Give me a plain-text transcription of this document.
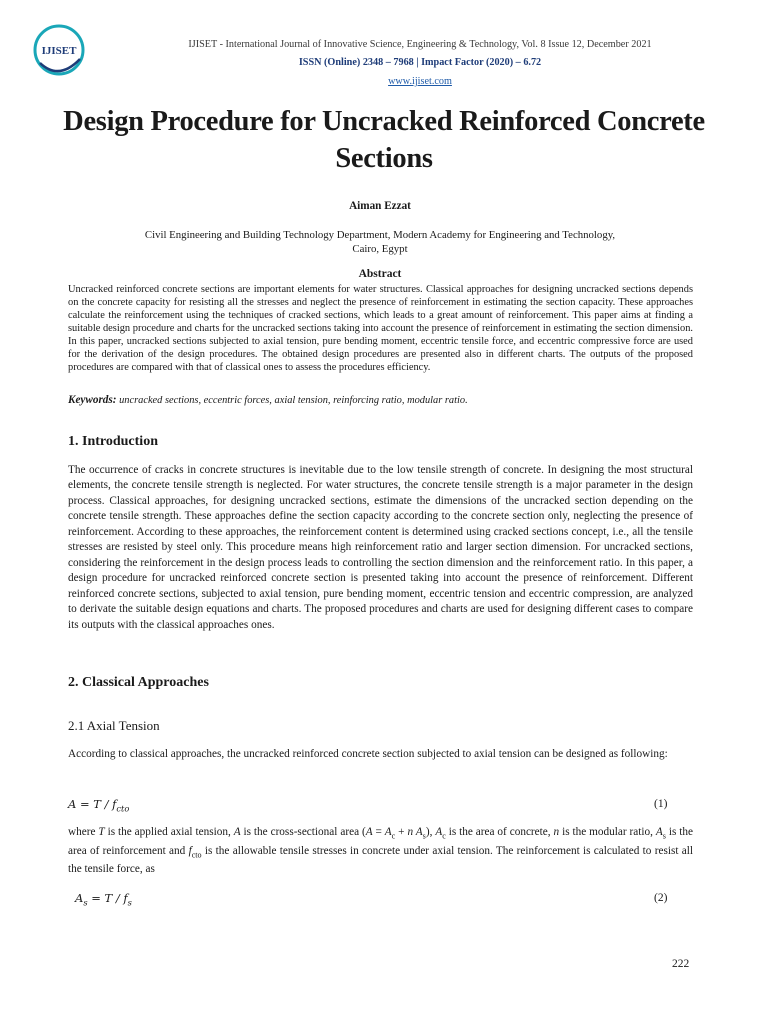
IJISET
IJISET - International Journal of Innovative Science, Engineering & Technology, Vol. 8 Issue 12, December 2021
ISSN (Online) 2348 – 7968 | Impact Factor (2020) – 6.72
www.ijiset.com
Design Procedure for Uncracked Reinforced Concrete Sections
Aiman Ezzat
Civil Engineering and Building Technology Department, Modern Academy for Engineering and Technology,
Cairo, Egypt
Abstract
Uncracked reinforced concrete sections are important elements for water structures. Classical approaches for designing uncracked sections depends on the concrete capacity for resisting all the stresses and neglect the presence of reinforcement in estimating the section capacity. These approaches calculate the reinforcement using the techniques of cracked sections, which leads to a great amount of reinforcement. This paper aims at finding a suitable design procedure and charts for the uncracked sections taking into account the presence of reinforcement in estimating the section dimension. In this paper, uncracked sections subjected to axial tension, pure bending moment, eccentric tensile force, and eccentric compressive force are used for the derivation of the design procedures. The obtained design procedures are presented also in different charts. The outputs of the proposed procedures are compared with that of classical ones to assess the procedures efficiency.
Keywords: uncracked sections, eccentric forces, axial tension, reinforcing ratio, modular ratio.
1. Introduction
The occurrence of cracks in concrete structures is inevitable due to the low tensile strength of concrete. In designing the most structural elements, the concrete tensile strength is neglected. For water structures, the concrete tensile strength is a major parameter in the design process. Classical approaches, for designing uncracked sections, estimate the dimensions of the uncracked section depending on the concrete tensile strength. These approaches define the section capacity according to the concrete section only, neglecting the presence of reinforcement. According to these approaches, the reinforcement content is determined using cracked sections concept, i.e., all the tensile stresses are resisted by steel only. This procedure means high reinforcement ratio and larger section dimension. For uncracked sections, considering the reinforcement in the design process leads to controlling the section dimension and the reinforcement ratio. In this paper, a design procedure for uncracked reinforced concrete section is presented taking into account the presence of reinforcement. Different reinforced concrete sections, subjected to axial tension, pure bending moment, eccentric tension and eccentric compression, are analyzed to derivate the suitable design equations and charts. The proposed procedures and charts are used for designing different cases to compare its outputs with the classical approaches ones.
2. Classical Approaches
2.1 Axial Tension
According to classical approaches, the uncracked reinforced concrete section subjected to axial tension can be designed as following:
$A = T / f_{cto}$	(1)
where T is the applied axial tension, A is the cross-sectional area ($A = A_c + n$ $A_s$), $A_c$ is the area of concrete, n is the modular ratio, $A_s$ is the area of reinforcement and $f_{cto}$ is the allowable tensile stresses in concrete under axial tension. The reinforcement is calculated to resist all the tensile force, as
$A_s = T / f_s$	(2)
222
